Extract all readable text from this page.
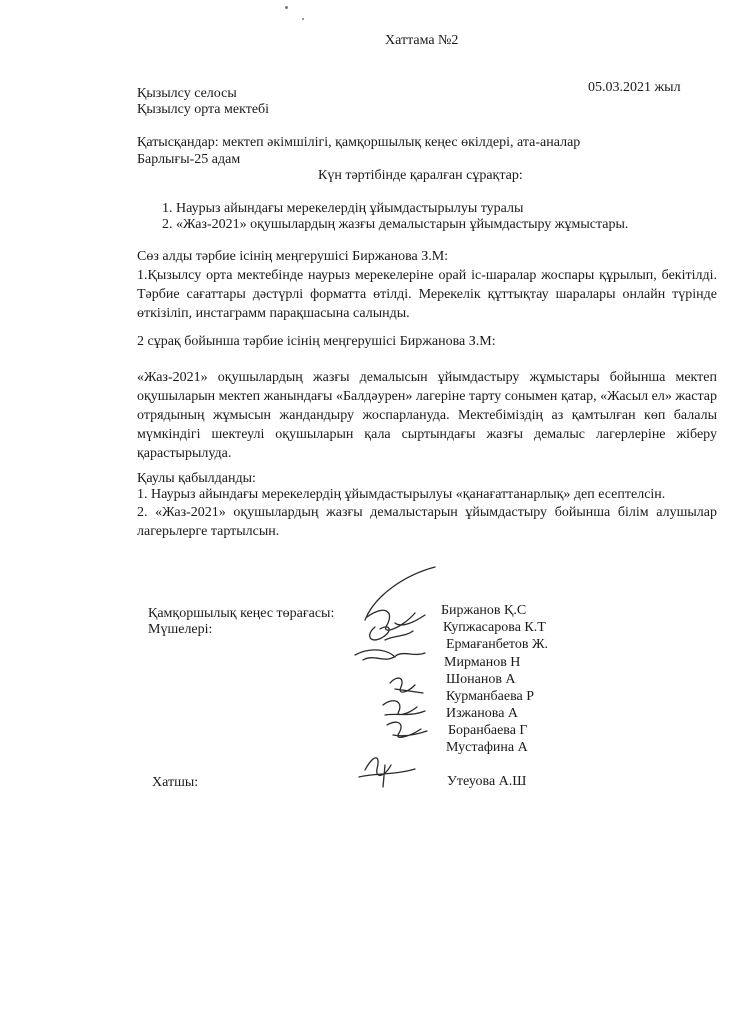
Хаттама №2
05.03.2021 жыл
Қызылсу селосы
Қызылсу орта мектебі
Қатысқандар: мектеп әкімшілігі, қамқоршылық кеңес өкілдері, ата-аналар
Барлығы-25 адам
Күн тәртібінде қаралған сұрақтар:
1. Наурыз айындағы мерекелердің ұйымдастырылуы туралы
2. «Жаз-2021» оқушылардың жазғы демалыстарын ұйымдастыру жұмыстары.
Сөз алды тәрбие ісінің меңгерушісі Биржанова З.М:
1.Қызылсу орта мектебінде наурыз мерекелеріне орай іс-шаралар жоспары құрылып, бекітілді. Тәрбие сағаттары дәстүрлі форматта өтілді. Мерекелік құттықтау шаралары онлайн түрінде өткізіліп, инстаграмм парақшасына салынды.
2 сұрақ бойынша тәрбие ісінің меңгерушісі Биржанова З.М:
«Жаз-2021» оқушылардың жазғы демалысын ұйымдастыру жұмыстары бойынша мектеп оқушыларын мектеп жанындағы «Балдәурен» лагеріне тарту сонымен қатар, «Жасыл ел» жастар отрядының жұмысын жандандыру жоспарлануда. Мектебіміздің аз қамтылған көп балалы мүмкіндігі шектеулі оқушыларын қала сыртындағы жазғы демалыс лагерлеріне жіберу қарастырылуда.
Қаулы қабылданды:
1. Наурыз айындағы мерекелердің ұйымдастырылуы «қанағаттанарлық» деп есептелсін.
2. «Жаз-2021» оқушылардың жазғы демалыстарын ұйымдастыру бойынша білім алушылар лагерьлерге тартылсын.
Қамқоршылық кеңес төрағасы:
Мүшелері:
Хатшы:
Биржанов Қ.С
Купжасарова К.Т
Ермағанбетов Ж.
Мирманов Н
Шонанов А
Курманбаева Р
Изжанова А
Боранбаева Г
Мустафина А
Утеуова А.Ш
